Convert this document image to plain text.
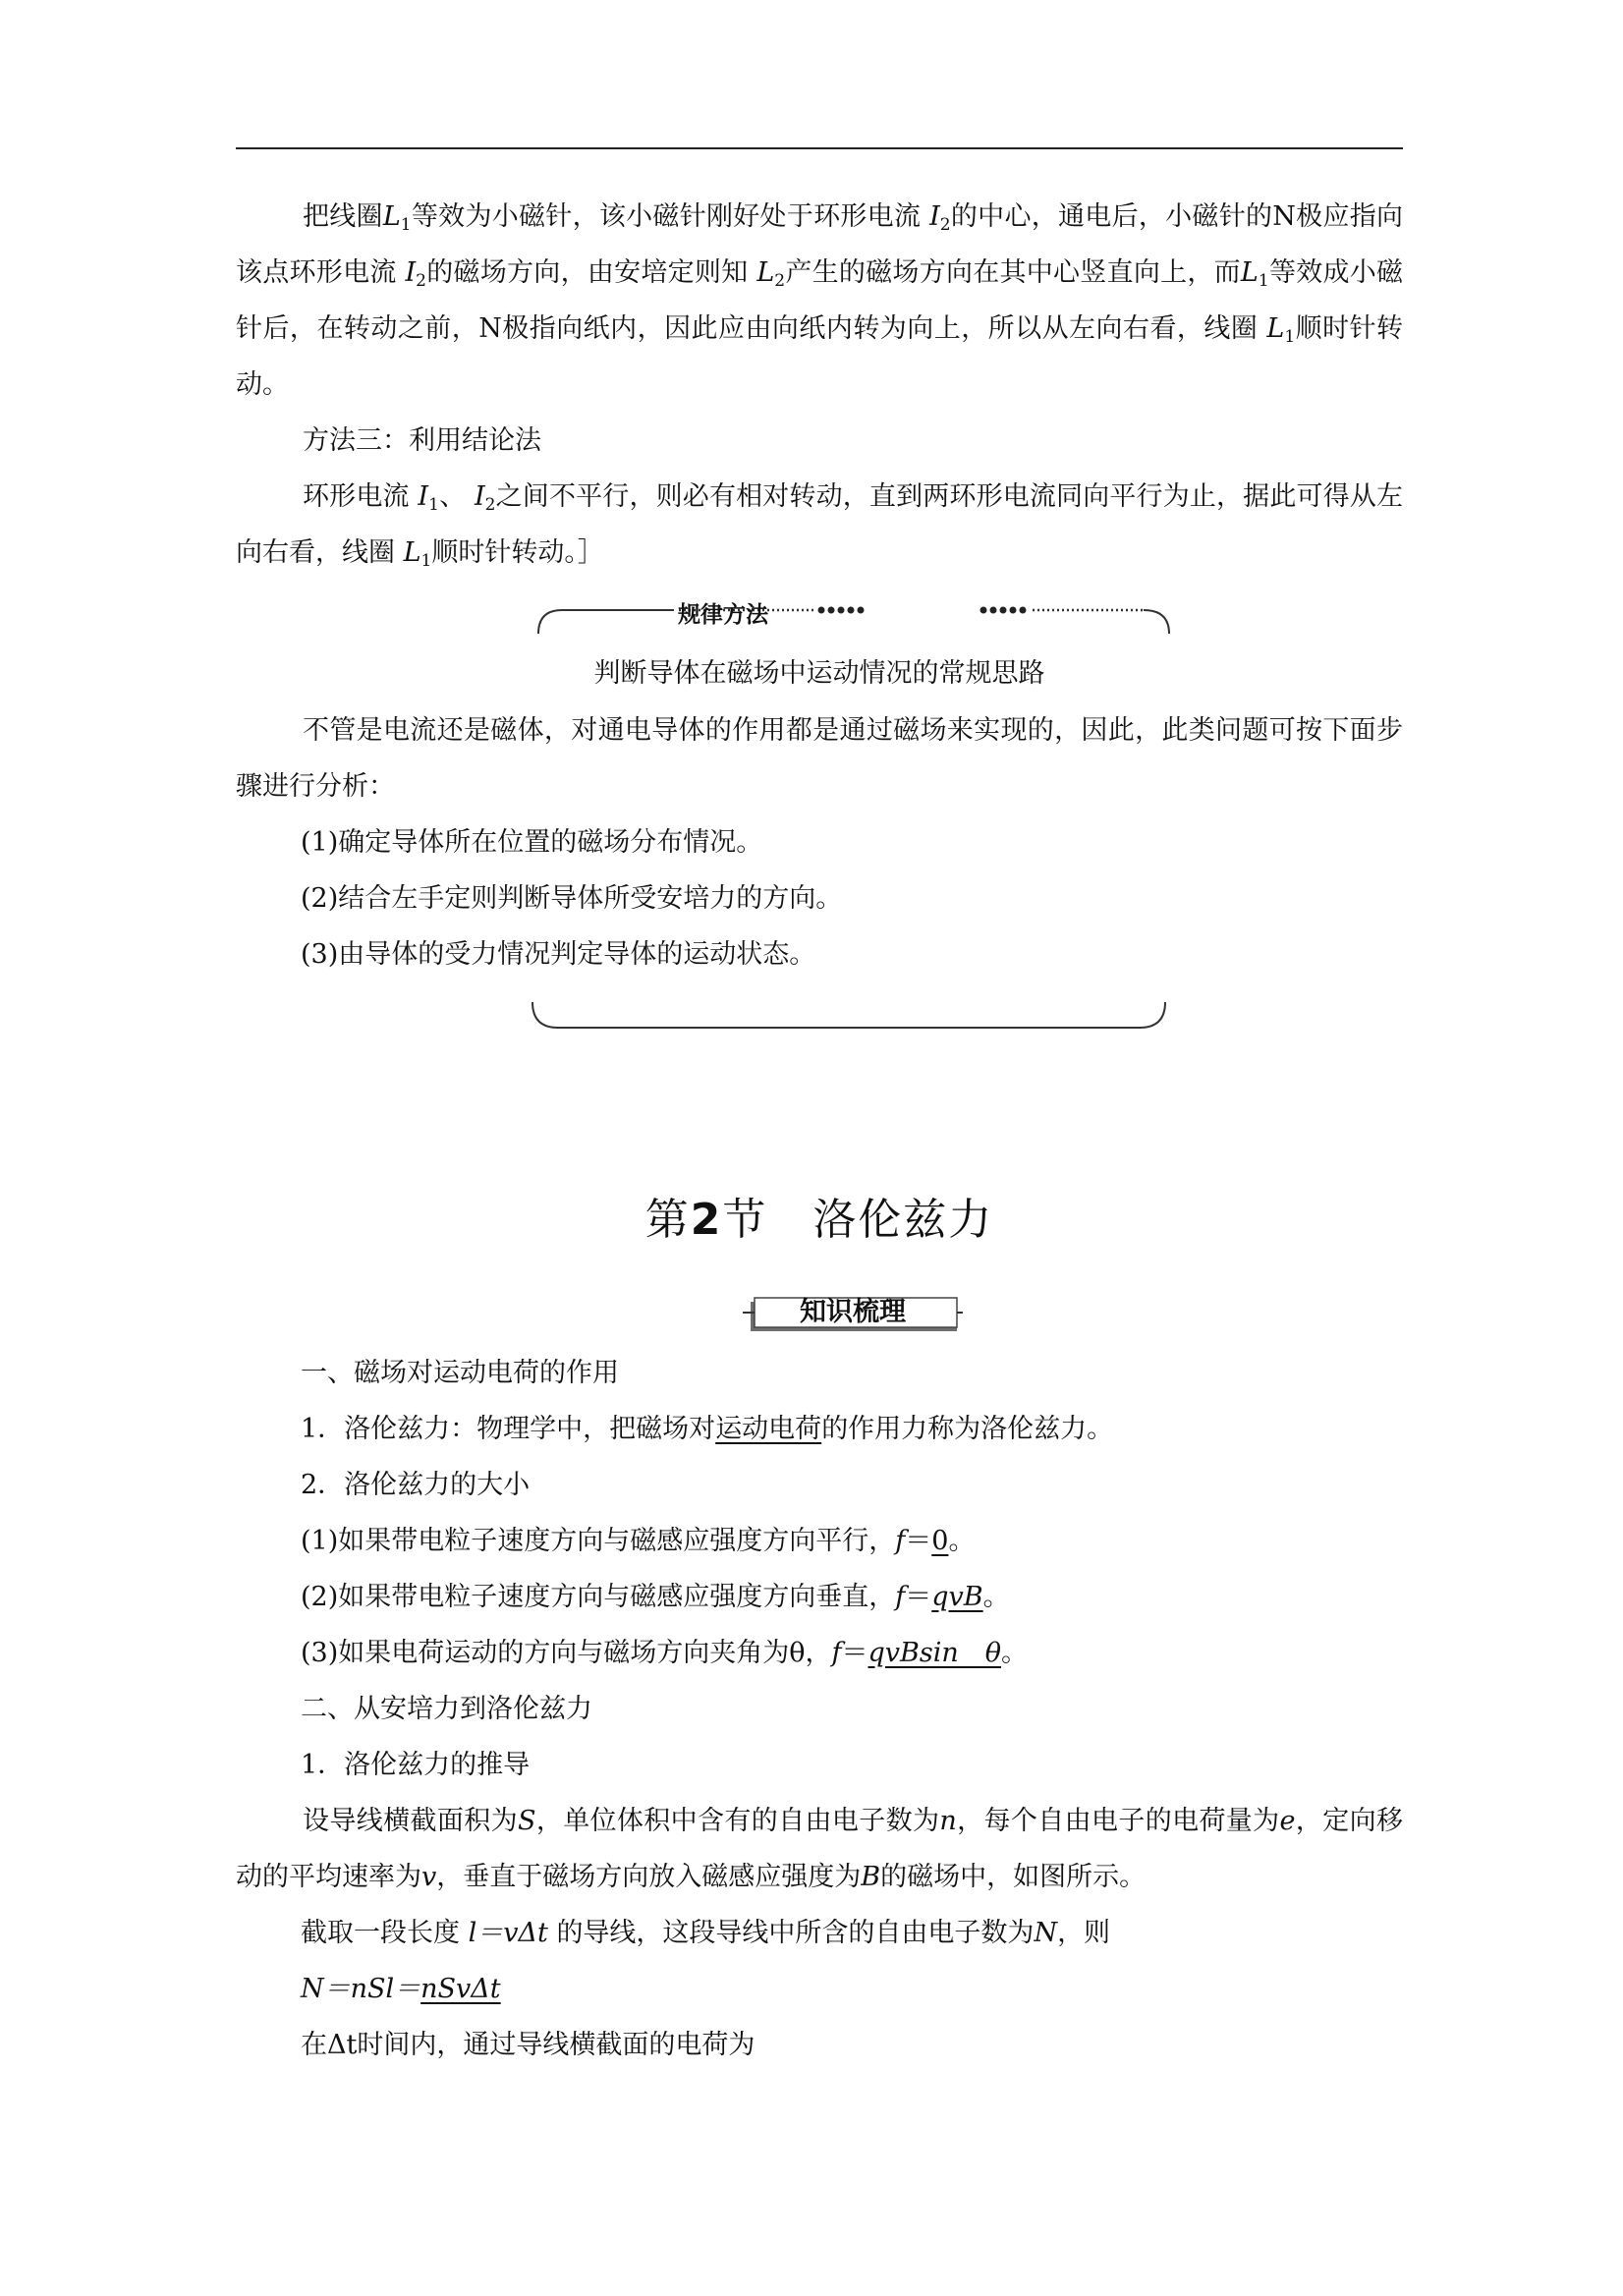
把线圈$L_1$等效为小磁针，该小磁针刚好处于环形电流 $I_2$的中心，通电后，小磁针的N极应指向该点环形电流 $I_2$的磁场方向，由安培定则知 $L_2$产生的磁场方向在其中心竖直向上，而$L_1$等效成小磁针后，在转动之前，N极指向纸内，因此应由向纸内转为向上，所以从左向右看，线圈 $L_1$顺时针转动。

方法三：利用结论法

环形电流 $I_1$、 $I_2$之间不平行，则必有相对转动，直到两环形电流同向平行为止，据此可得从左向右看，线圈 $L_1$顺时针转动。］

规律方法
判断导体在磁场中运动情况的常规思路

不管是电流还是磁体，对通电导体的作用都是通过磁场来实现的，因此，此类问题可按下面步骤进行分析：

(1)确定导体所在位置的磁场分布情况。

(2)结合左手定则判断导体所受安培力的方向。

(3)由导体的受力情况判定导体的运动状态。

第2节　 洛伦兹力
知识梳理

一、磁场对运动电荷的作用

1．洛伦兹力：物理学中，把磁场对运动电荷的作用力称为洛伦兹力。

2．洛伦兹力的大小

(1)如果带电粒子速度方向与磁感应强度方向平行，f＝0。

(2)如果带电粒子速度方向与磁感应强度方向垂直，f＝qvB。

(3)如果电荷运动的方向与磁场方向夹角为θ，f＝qvBsin　θ。

二、从安培力到洛伦兹力

1．洛伦兹力的推导

设导线横截面积为S，单位体积中含有的自由电子数为n，每个自由电子的电荷量为e，定向移动的平均速率为v，垂直于磁场方向放入磁感应强度为B的磁场中，如图所示。

截取一段长度 l＝vΔt 的导线，这段导线中所含的自由电子数为N，则

N＝nSl＝nSvΔt

在Δt时间内，通过导线横截面的电荷为
